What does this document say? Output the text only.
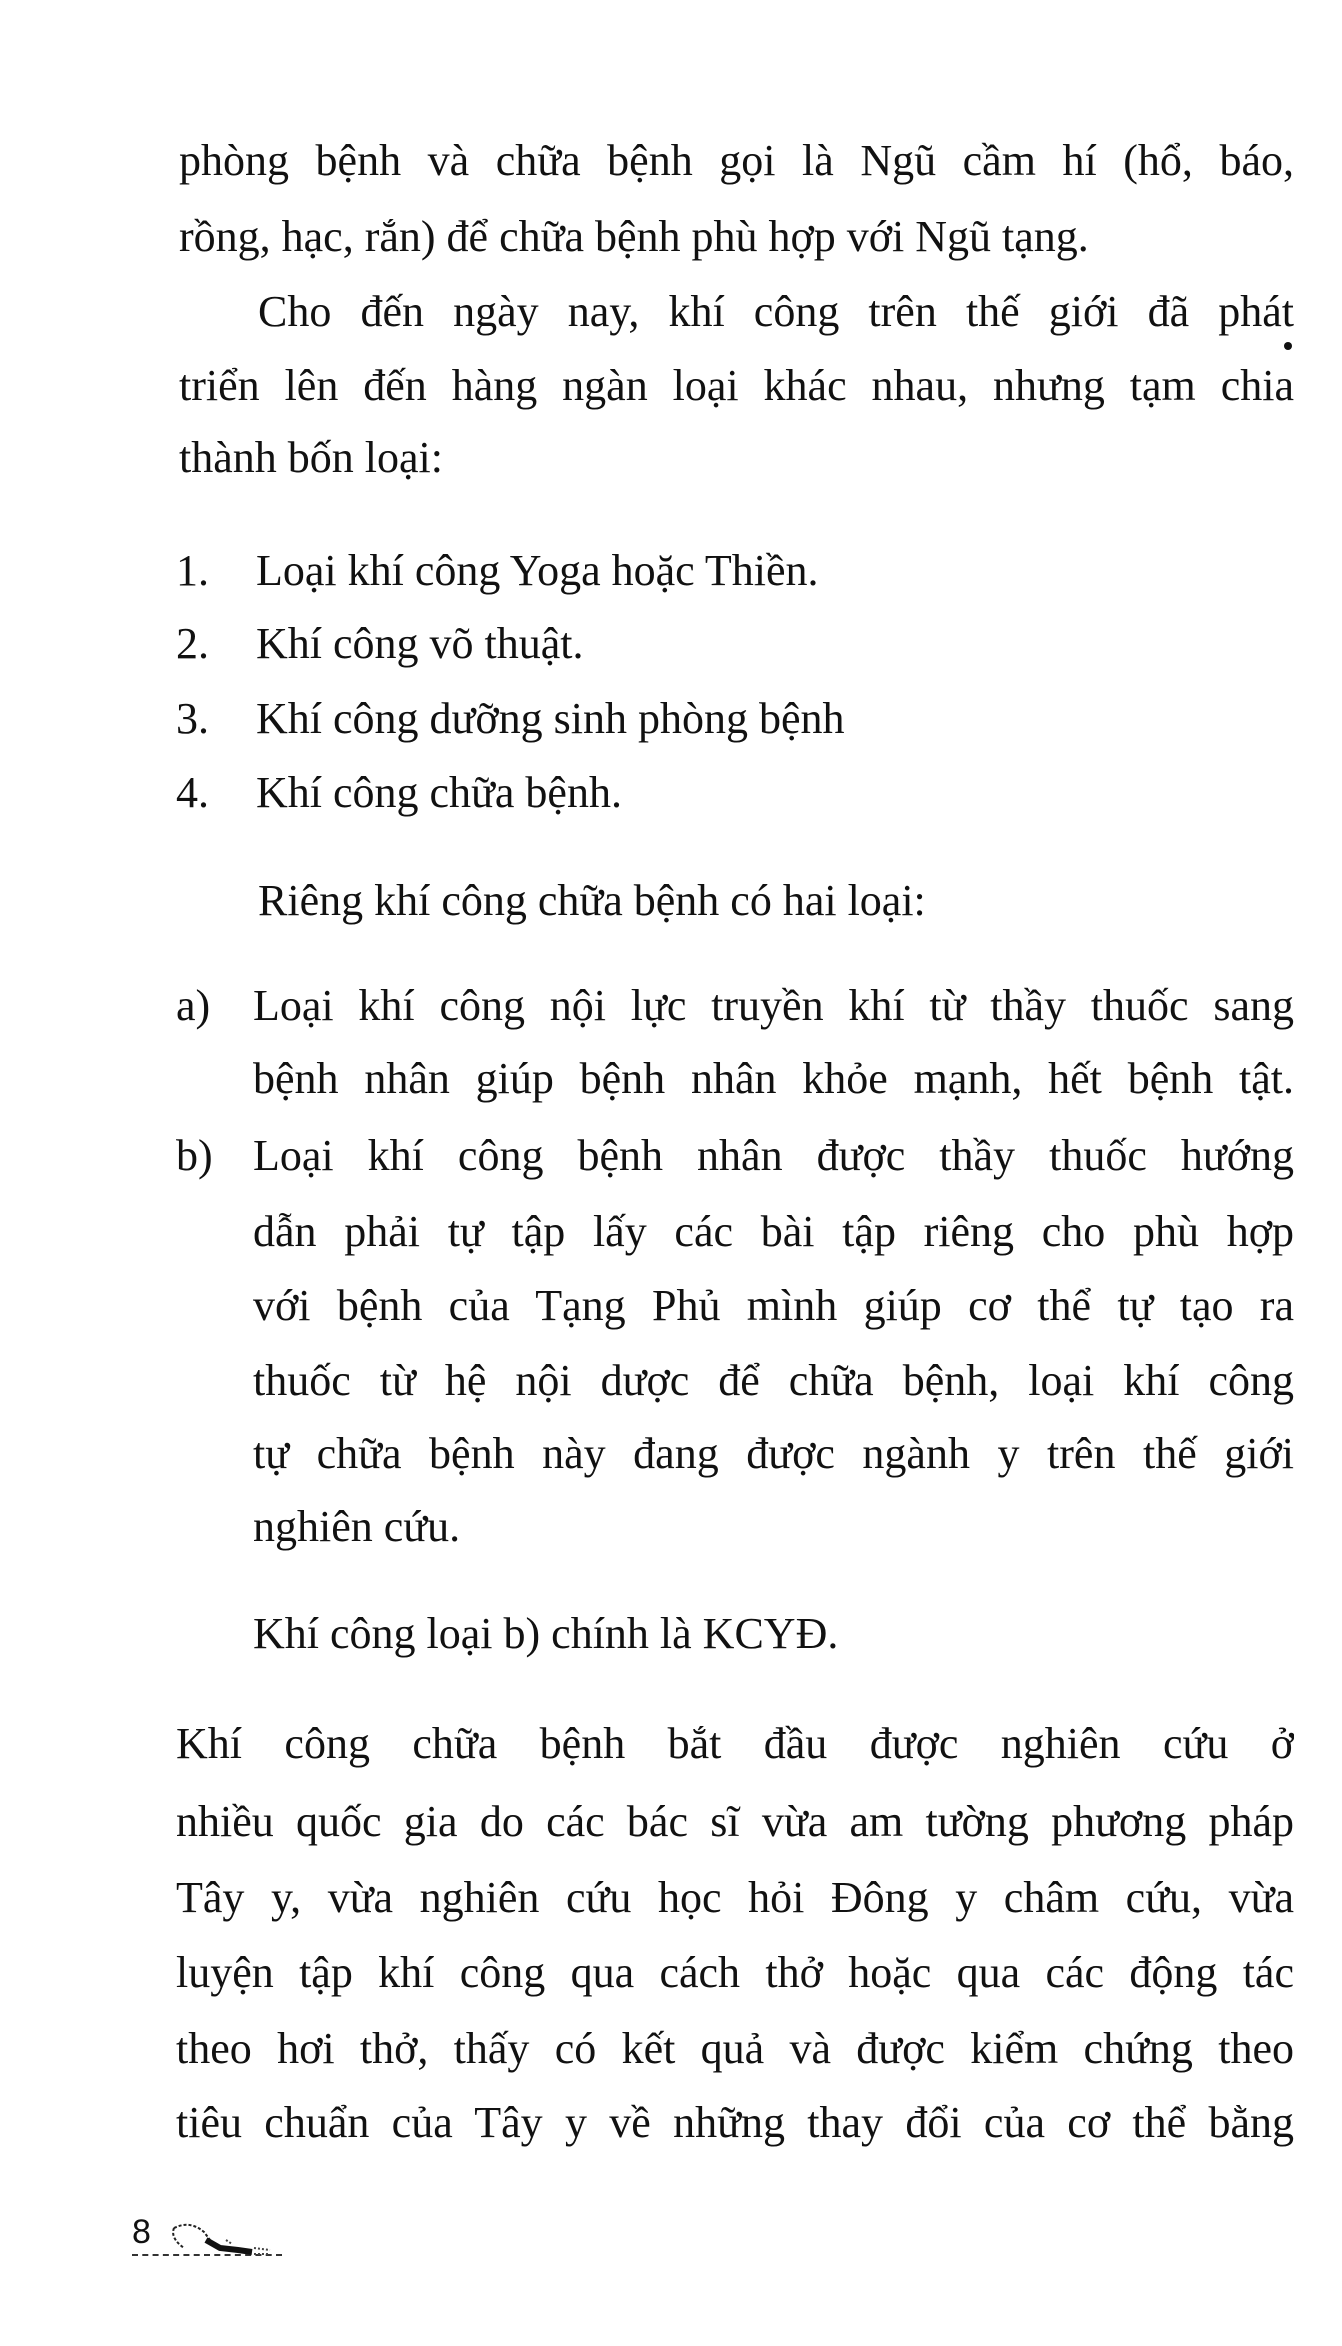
phòng bệnh và chữa bệnh gọi là Ngũ cầm hí (hổ, báo,
rồng, hạc, rắn) để chữa bệnh phù hợp với Ngũ tạng.
Cho đến ngày nay, khí công trên thế giới đã phát
triển lên đến hàng ngàn loại khác nhau, nhưng tạm chia
thành bốn loại:
1. Loại khí công Yoga hoặc Thiền.
2. Khí công võ thuật.
3. Khí công dưỡng sinh phòng bệnh
4. Khí công chữa bệnh.
Riêng khí công chữa bệnh có hai loại:
a) Loại khí công nội lực truyền khí từ thầy thuốc sang
bệnh nhân giúp bệnh nhân khỏe mạnh, hết bệnh tật.
b) Loại khí công bệnh nhân được thầy thuốc hướng
dẫn phải tự tập lấy các bài tập riêng cho phù hợp
với bệnh của Tạng Phủ mình giúp cơ thể tự tạo ra
thuốc từ hệ nội dược để chữa bệnh, loại khí công
tự chữa bệnh này đang được ngành y trên thế giới
nghiên cứu.
Khí công loại b) chính là KCYĐ.
Khí công chữa bệnh bắt đầu được nghiên cứu ở
nhiều quốc gia do các bác sĩ vừa am tường phương pháp
Tây y, vừa nghiên cứu học hỏi Đông y châm cứu, vừa
luyện tập khí công qua cách thở hoặc qua các động tác
theo hơi thở, thấy có kết quả và được kiểm chứng theo
tiêu chuẩn của Tây y về những thay đổi của cơ thể bằng
8
